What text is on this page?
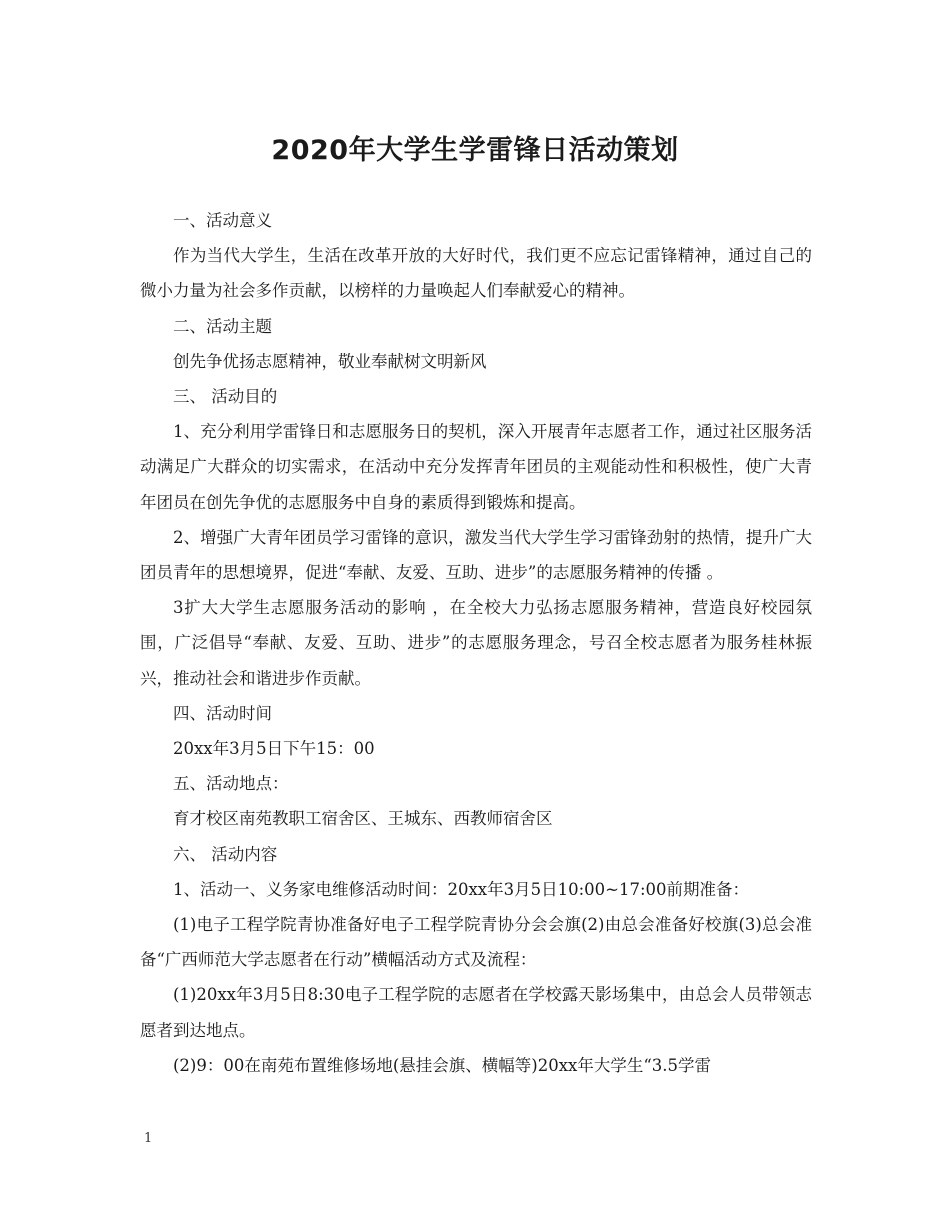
2020年大学生学雷锋日活动策划

一、活动意义

作为当代大学生，生活在改革开放的大好时代，我们更不应忘记雷锋精神，通过自己的微小力量为社会多作贡献，以榜样的力量唤起人们奉献爱心的精神。

二、活动主题

创先争优扬志愿精神，敬业奉献树文明新风

三、 活动目的

1、充分利用学雷锋日和志愿服务日的契机，深入开展青年志愿者工作，通过社区服务活动满足广大群众的切实需求，在活动中充分发挥青年团员的主观能动性和积极性，使广大青年团员在创先争优的志愿服务中自身的素质得到锻炼和提高。

2、增强广大青年团员学习雷锋的意识，激发当代大学生学习雷锋劲射的热情，提升广大团员青年的思想境界，促进“奉献、友爱、互助、进步”的志愿服务精神的传播 。

3扩大大学生志愿服务活动的影响 ，在全校大力弘扬志愿服务精神，营造良好校园氛围，广泛倡导“奉献、友爱、互助、进步”的志愿服务理念，号召全校志愿者为服务桂林振兴，推动社会和谐进步作贡献。

四、活动时间

20xx年3月5日下午15：00

五、活动地点：

育才校区南苑教职工宿舍区、王城东、西教师宿舍区

六、 活动内容

1、活动一、义务家电维修活动时间：20xx年3月5日10:00~17:00前期准备：

(1)电子工程学院青协准备好电子工程学院青协分会会旗(2)由总会准备好校旗(3)总会准备“广西师范大学志愿者在行动”横幅活动方式及流程：

(1)20xx年3月5日8:30电子工程学院的志愿者在学校露天影场集中，由总会人员带领志愿者到达地点。

(2)9：00在南苑布置维修场地(悬挂会旗、横幅等)20xx年大学生“3.5学雷

1
